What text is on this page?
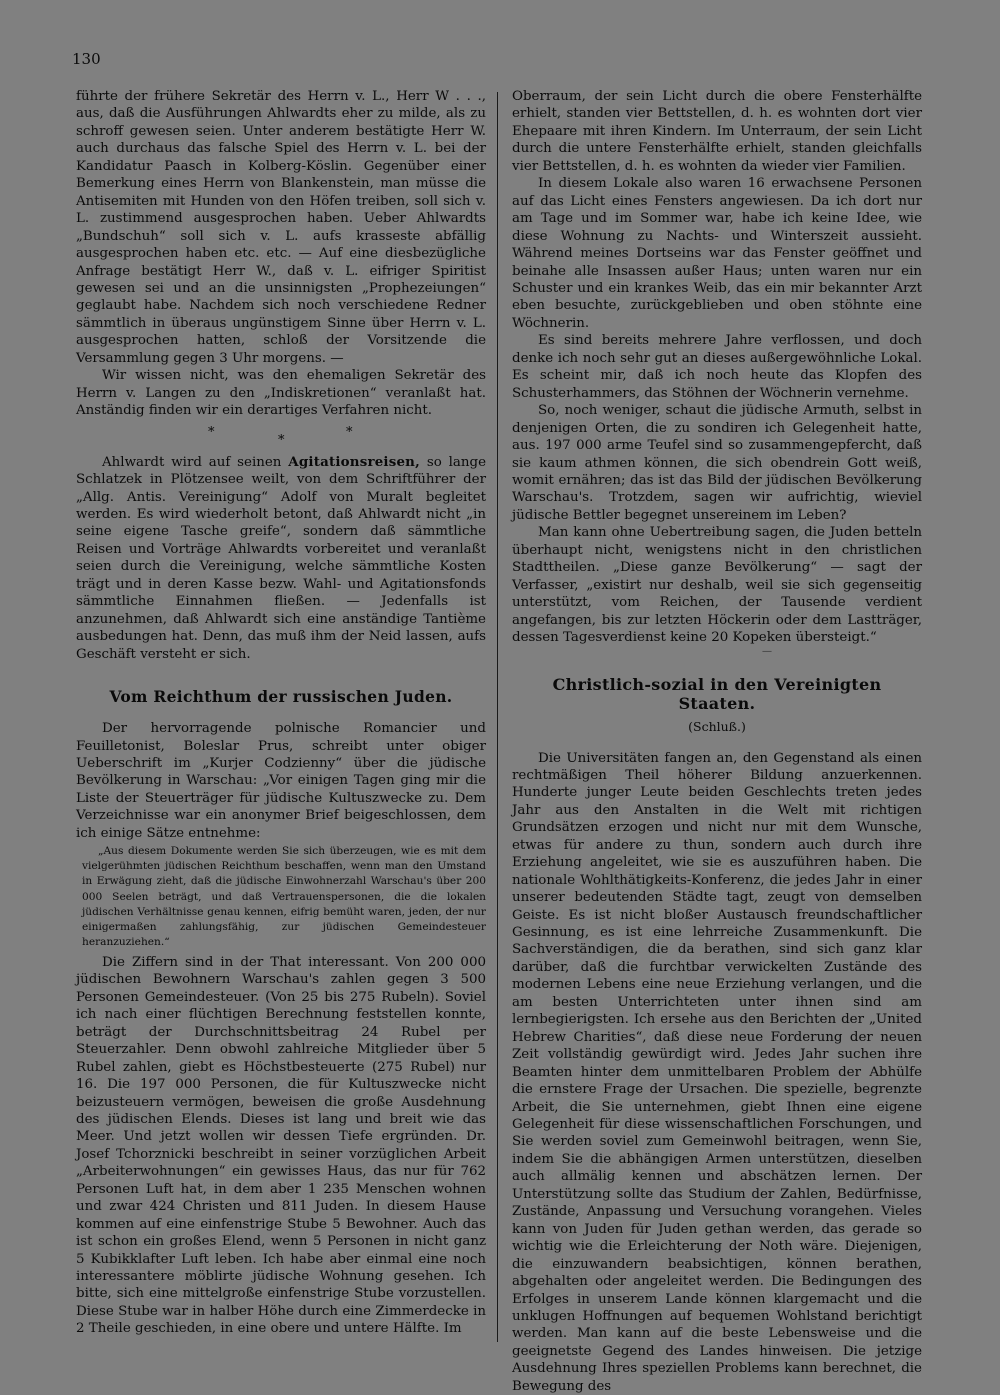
130

führte der frühere Sekretär des Herrn v. L., Herr W . . ., aus, daß die Ausführungen Ahlwardts eher zu milde, als zu schroff gewesen seien. Unter anderem bestätigte Herr W. auch durchaus das falsche Spiel des Herrn v. L. bei der Kandidatur Paasch in Kolberg-Köslin. Gegenüber einer Bemerkung eines Herrn von Blankenstein, man müsse die Antisemiten mit Hunden von den Höfen treiben, soll sich v. L. zustimmend ausgesprochen haben. Ueber Ahlwardts „Bundschuh“ soll sich v. L. aufs krasseste abfällig ausgesprochen haben etc. etc. — Auf eine diesbezügliche Anfrage bestätigt Herr W., daß v. L. eifriger Spiritist gewesen sei und an die unsinnigsten „Prophezeiungen“ geglaubt habe. Nachdem sich noch verschiedene Redner sämmtlich in überaus ungünstigem Sinne über Herrn v. L. ausgesprochen hatten, schloß der Vorsitzende die Versammlung gegen 3 Uhr morgens. —

Wir wissen nicht, was den ehemaligen Sekretär des Herrn v. Langen zu den „Indiskretionen“ veranlaßt hat. Anständig finden wir ein derartiges Verfahren nicht.

*
*
*

Ahlwardt wird auf seinen Agitationsreisen, so lange Schlatzek in Plötzensee weilt, von dem Schriftführer der „Allg. Antis. Vereinigung“ Adolf von Muralt begleitet werden. Es wird wiederholt betont, daß Ahlwardt nicht „in seine eigene Tasche greife“, sondern daß sämmtliche Reisen und Vorträge Ahlwardts vorbereitet und veranlaßt seien durch die Vereinigung, welche sämmtliche Kosten trägt und in deren Kasse bezw. Wahl- und Agitationsfonds sämmtliche Einnahmen fließen. — Jedenfalls ist anzunehmen, daß Ahlwardt sich eine anständige Tantième ausbedungen hat. Denn, das muß ihm der Neid lassen, aufs Geschäft versteht er sich.

Vom Reichthum der russischen Juden.

Der hervorragende polnische Romancier und Feuilletonist, Boleslar Prus, schreibt unter obiger Ueberschrift im „Kurjer Codzienny“ über die jüdische Bevölkerung in Warschau: „Vor einigen Tagen ging mir die Liste der Steuerträger für jüdische Kultuszwecke zu. Dem Verzeichnisse war ein anonymer Brief beigeschlossen, dem ich einige Sätze entnehme:

„Aus diesem Dokumente werden Sie sich überzeugen, wie es mit dem vielgerühmten jüdischen Reichthum beschaffen, wenn man den Umstand in Erwägung zieht, daß die jüdische Einwohnerzahl Warschau's über 200 000 Seelen beträgt, und daß Vertrauenspersonen, die die lokalen jüdischen Verhältnisse genau kennen, eifrig bemüht waren, jeden, der nur einigermaßen zahlungsfähig, zur jüdischen Gemeindesteuer heranzuziehen.“

Die Ziffern sind in der That interessant. Von 200 000 jüdischen Bewohnern Warschau's zahlen gegen 3 500 Personen Gemeindesteuer. (Von 25 bis 275 Rubeln). Soviel ich nach einer flüchtigen Berechnung feststellen konnte, beträgt der Durchschnittsbeitrag 24 Rubel per Steuerzahler. Denn obwohl zahlreiche Mitglieder über 5 Rubel zahlen, giebt es Höchstbesteuerte (275 Rubel) nur 16. Die 197 000 Personen, die für Kultuszwecke nicht beizusteuern vermögen, beweisen die große Ausdehnung des jüdischen Elends. Dieses ist lang und breit wie das Meer. Und jetzt wollen wir dessen Tiefe ergründen. Dr. Josef Tchorznicki beschreibt in seiner vorzüglichen Arbeit „Arbeiterwohnungen“ ein gewisses Haus, das nur für 762 Personen Luft hat, in dem aber 1 235 Menschen wohnen und zwar 424 Christen und 811 Juden. In diesem Hause kommen auf eine einfenstrige Stube 5 Bewohner. Auch das ist schon ein großes Elend, wenn 5 Personen in nicht ganz 5 Kubikklafter Luft leben. Ich habe aber einmal eine noch interessantere möblirte jüdische Wohnung gesehen. Ich bitte, sich eine mittelgroße einfenstrige Stube vorzustellen. Diese Stube war in halber Höhe durch eine Zimmerdecke in 2 Theile geschieden, in eine obere und untere Hälfte. Im

Oberraum, der sein Licht durch die obere Fensterhälfte erhielt, standen vier Bettstellen, d. h. es wohnten dort vier Ehepaare mit ihren Kindern. Im Unterraum, der sein Licht durch die untere Fensterhälfte erhielt, standen gleichfalls vier Bettstellen, d. h. es wohnten da wieder vier Familien.

In diesem Lokale also waren 16 erwachsene Personen auf das Licht eines Fensters angewiesen. Da ich dort nur am Tage und im Sommer war, habe ich keine Idee, wie diese Wohnung zu Nachts- und Winterszeit aussieht. Während meines Dortseins war das Fenster geöffnet und beinahe alle Insassen außer Haus; unten waren nur ein Schuster und ein krankes Weib, das ein mir bekannter Arzt eben besuchte, zurückgeblieben und oben stöhnte eine Wöchnerin.

Es sind bereits mehrere Jahre verflossen, und doch denke ich noch sehr gut an dieses außergewöhnliche Lokal. Es scheint mir, daß ich noch heute das Klopfen des Schusterhammers, das Stöhnen der Wöchnerin vernehme.

So, noch weniger, schaut die jüdische Armuth, selbst in denjenigen Orten, die zu sondiren ich Gelegenheit hatte, aus. 197 000 arme Teufel sind so zusammengepfercht, daß sie kaum athmen können, die sich obendrein Gott weiß, womit ernähren; das ist das Bild der jüdischen Bevölkerung Warschau's. Trotzdem, sagen wir aufrichtig, wieviel jüdische Bettler begegnet unsereinem im Leben?

Man kann ohne Uebertreibung sagen, die Juden betteln überhaupt nicht, wenigstens nicht in den christlichen Stadttheilen. „Diese ganze Bevölkerung“ — sagt der Verfasser, „existirt nur deshalb, weil sie sich gegenseitig unterstützt, vom Reichen, der Tausende verdient angefangen, bis zur letzten Höckerin oder dem Lastträger, dessen Tagesverdienst keine 20 Kopeken übersteigt.“

—
Christlich-sozial in den Vereinigten Staaten.
(Schluß.)

Die Universitäten fangen an, den Gegenstand als einen rechtmäßigen Theil höherer Bildung anzuerkennen. Hunderte junger Leute beiden Geschlechts treten jedes Jahr aus den Anstalten in die Welt mit richtigen Grundsätzen erzogen und nicht nur mit dem Wunsche, etwas für andere zu thun, sondern auch durch ihre Erziehung angeleitet, wie sie es auszuführen haben. Die nationale Wohlthätigkeits-Konferenz, die jedes Jahr in einer unserer bedeutenden Städte tagt, zeugt von demselben Geiste. Es ist nicht bloßer Austausch freundschaftlicher Gesinnung, es ist eine lehrreiche Zusammenkunft. Die Sachverständigen, die da berathen, sind sich ganz klar darüber, daß die furchtbar verwickelten Zustände des modernen Lebens eine neue Erziehung verlangen, und die am besten Unterrichteten unter ihnen sind am lernbegierigsten. Ich ersehe aus den Berichten der „United Hebrew Charities“, daß diese neue Forderung der neuen Zeit vollständig gewürdigt wird. Jedes Jahr suchen ihre Beamten hinter dem unmittelbaren Problem der Abhülfe die ernstere Frage der Ursachen. Die spezielle, begrenzte Arbeit, die Sie unternehmen, giebt Ihnen eine eigene Gelegenheit für diese wissenschaftlichen Forschungen, und Sie werden soviel zum Gemeinwohl beitragen, wenn Sie, indem Sie die abhängigen Armen unterstützen, dieselben auch allmälig kennen und abschätzen lernen. Der Unterstützung sollte das Studium der Zahlen, Bedürfnisse, Zustände, Anpassung und Versuchung vorangehen. Vieles kann von Juden für Juden gethan werden, das gerade so wichtig wie die Erleichterung der Noth wäre. Diejenigen, die einzuwandern beabsichtigen, können berathen, abgehalten oder angeleitet werden. Die Bedingungen des Erfolges in unserem Lande können klargemacht und die unklugen Hoffnungen auf bequemen Wohlstand berichtigt werden. Man kann auf die beste Lebensweise und die geeignetste Gegend des Landes hinweisen. Die jetzige Ausdehnung Ihres speziellen Problems kann berechnet, die Bewegung des
